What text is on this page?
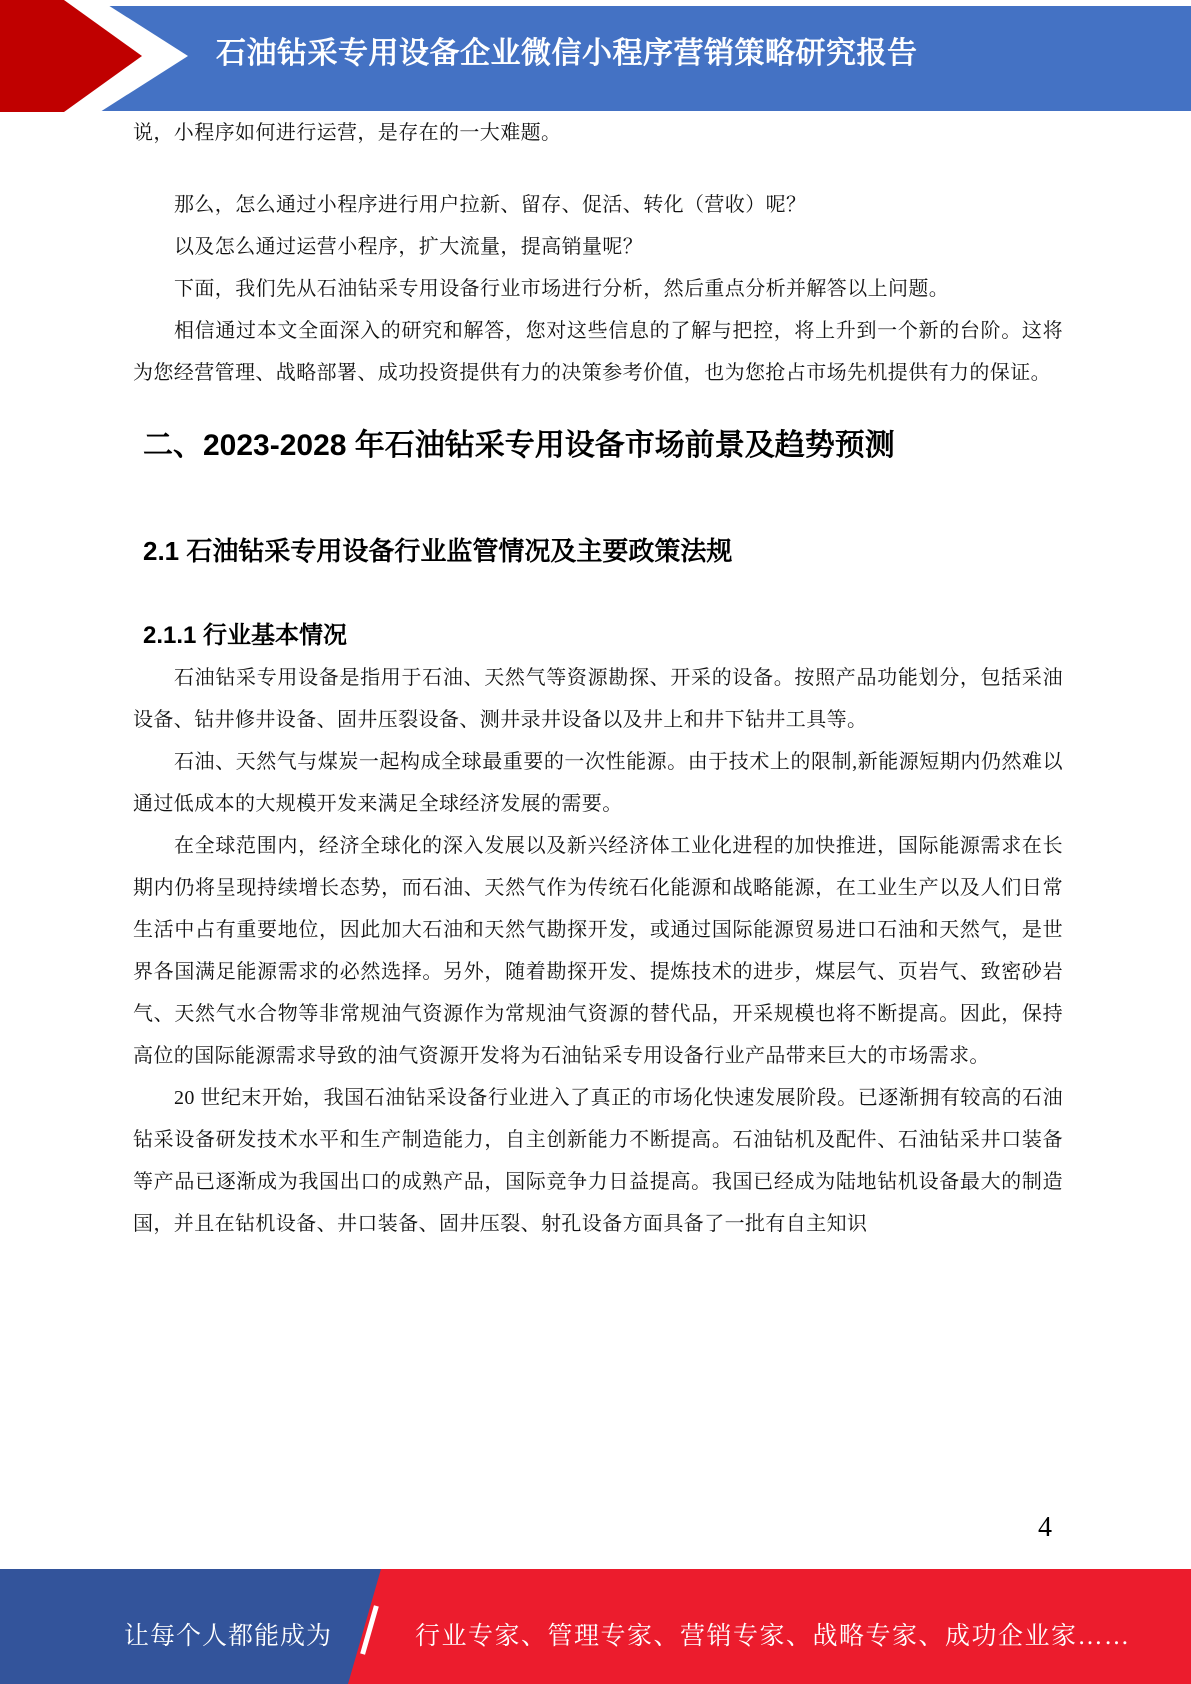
石油钻采专用设备企业微信小程序营销策略研究报告

说，小程序如何进行运营，是存在的一大难题。

那么，怎么通过小程序进行用户拉新、留存、促活、转化（营收）呢？

以及怎么通过运营小程序，扩大流量，提高销量呢？

下面，我们先从石油钻采专用设备行业市场进行分析，然后重点分析并解答以上问题。

相信通过本文全面深入的研究和解答，您对这些信息的了解与把控，将上升到一个新的台阶。这将为您经营管理、战略部署、成功投资提供有力的决策参考价值，也为您抢占市场先机提供有力的保证。

二、2023-2028 年石油钻采专用设备市场前景及趋势预测
2.1 石油钻采专用设备行业监管情况及主要政策法规
2.1.1 行业基本情况

石油钻采专用设备是指用于石油、天然气等资源勘探、开采的设备。按照产品功能划分，包括采油设备、钻井修井设备、固井压裂设备、测井录井设备以及井上和井下钻井工具等。

石油、天然气与煤炭一起构成全球最重要的一次性能源。由于技术上的限制,新能源短期内仍然难以通过低成本的大规模开发来满足全球经济发展的需要。

在全球范围内，经济全球化的深入发展以及新兴经济体工业化进程的加快推进，国际能源需求在长期内仍将呈现持续增长态势，而石油、天然气作为传统石化能源和战略能源，在工业生产以及人们日常生活中占有重要地位，因此加大石油和天然气勘探开发，或通过国际能源贸易进口石油和天然气，是世界各国满足能源需求的必然选择。另外，随着勘探开发、提炼技术的进步，煤层气、页岩气、致密砂岩气、天然气水合物等非常规油气资源作为常规油气资源的替代品，开采规模也将不断提高。因此，保持高位的国际能源需求导致的油气资源开发将为石油钻采专用设备行业产品带来巨大的市场需求。

20 世纪末开始，我国石油钻采设备行业进入了真正的市场化快速发展阶段。已逐渐拥有较高的石油钻采设备研发技术水平和生产制造能力，自主创新能力不断提高。石油钻机及配件、石油钻采井口装备等产品已逐渐成为我国出口的成熟产品，国际竞争力日益提高。我国已经成为陆地钻机设备最大的制造国，并且在钻机设备、井口装备、固井压裂、射孔设备方面具备了一批有自主知识

4
让每个人都能成为	行业专家、管理专家、营销专家、战略专家、成功企业家……
